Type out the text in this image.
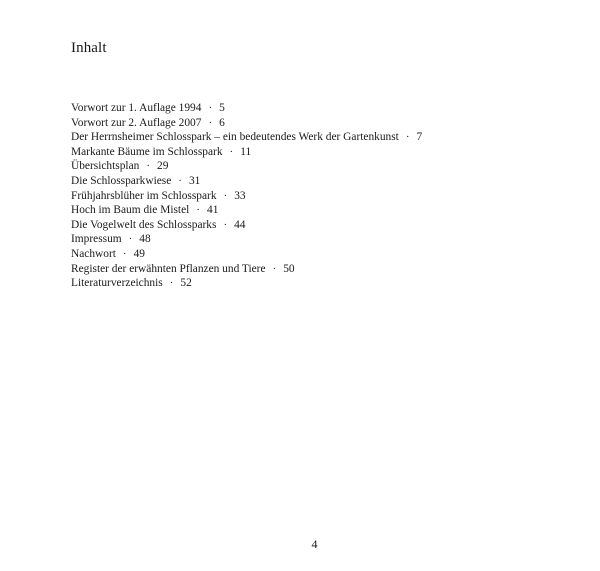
Inhalt
Vorwort zur 1. Auflage 1994 · 5
Vorwort zur 2. Auflage 2007 · 6
Der Herrnsheimer Schlosspark – ein bedeutendes Werk der Gartenkunst · 7
Markante Bäume im Schlosspark · 11
Übersichtsplan · 29
Die Schlossparkwiese · 31
Frühjahrsblüher im Schlosspark · 33
Hoch im Baum die Mistel · 41
Die Vogelwelt des Schlossparks · 44
Impressum · 48
Nachwort · 49
Register der erwähnten Pflanzen und Tiere · 50
Literaturverzeichnis · 52
4
